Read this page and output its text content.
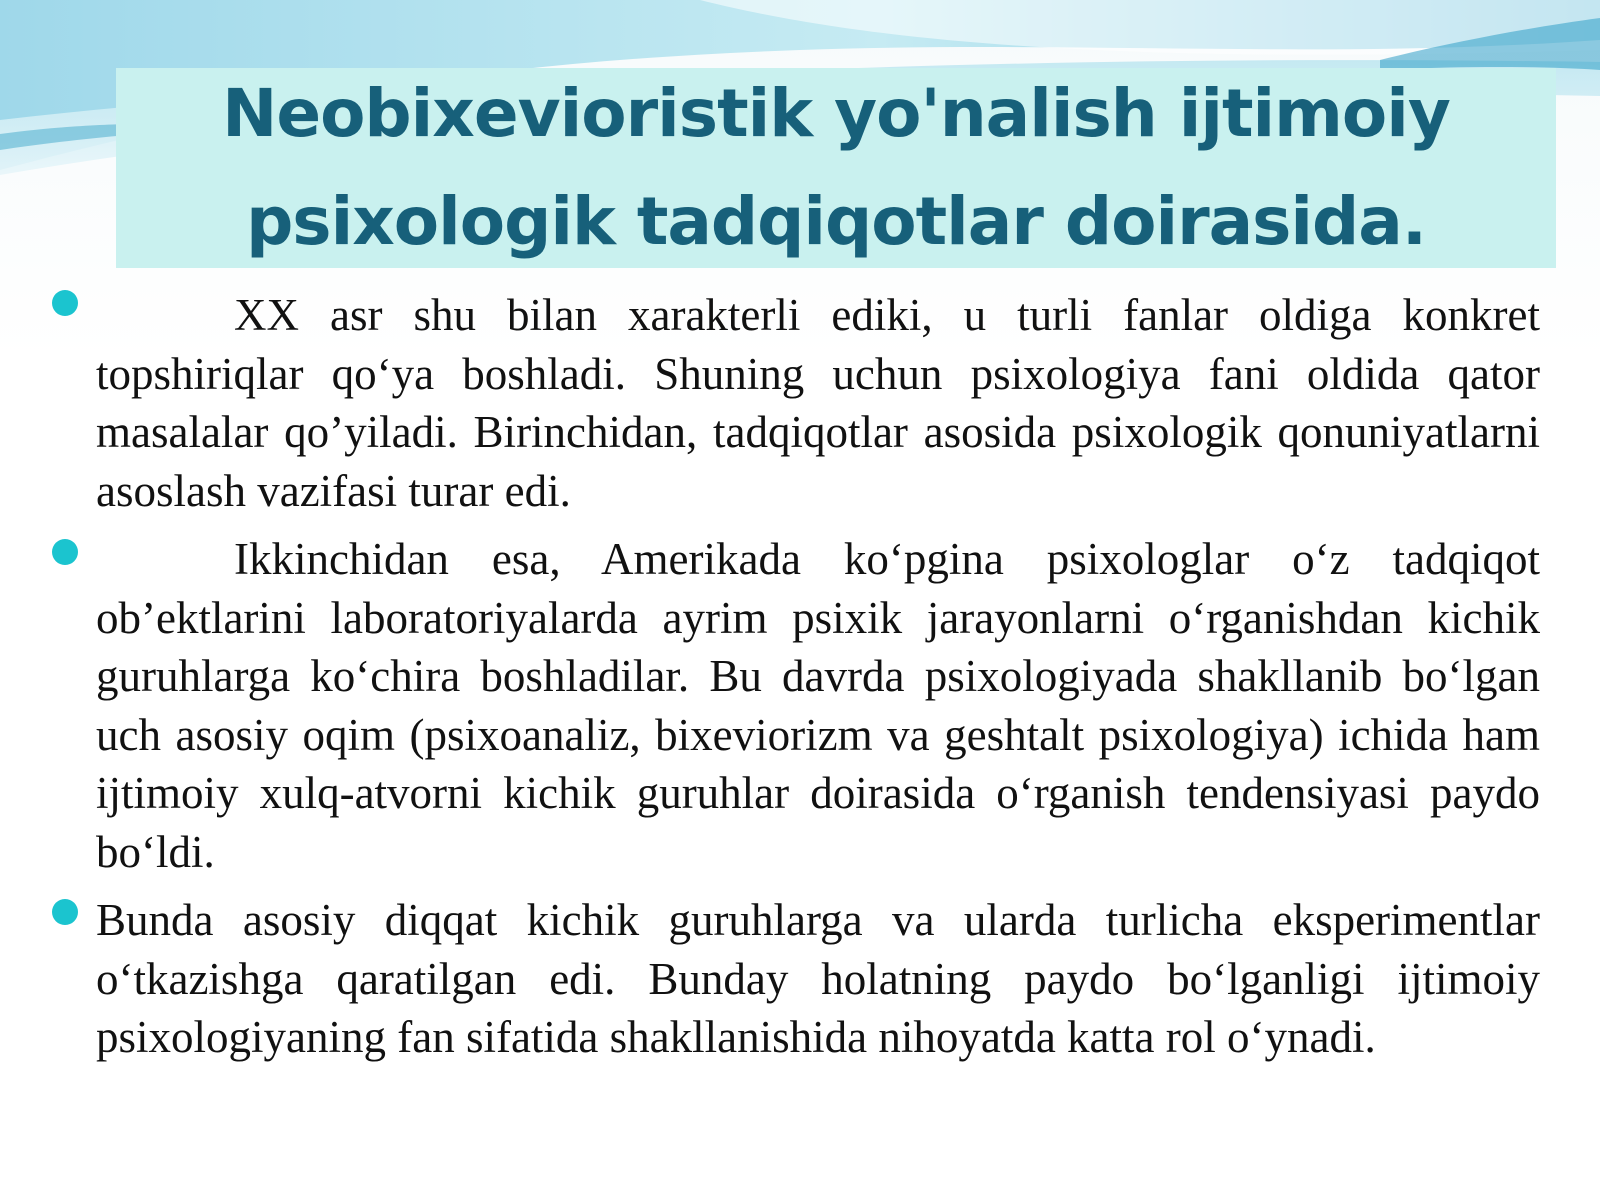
Neobixevioristik yo'nalish ijtimoiy psixologik tadqiqotlar doirasida.

XX asr shu bilan xarakterli ediki, u turli fanlar oldiga konkret topshiriqlar qo‘ya boshladi. Shuning uchun psixologiya fani oldida qator masalalar qo’yiladi. Birinchidan, tadqiqotlar asosida psixologik qonuniyatlarni asoslash vazifasi turar edi.

Ikkinchidan esa, Amerikada ko‘pgina psixologlar o‘z tadqiqot ob’ektlarini laboratoriyalarda ayrim psixik jarayonlarni o‘rganishdan kichik guruhlarga ko‘chira boshladilar. Bu davrda psixologiyada shakllanib bo‘lgan uch asosiy oqim (psixoanaliz, bixeviorizm va geshtalt psixologiya) ichida ham ijtimoiy xulq-atvorni kichik guruhlar doirasida o‘rganish tendensiyasi paydo bo‘ldi.

Bunda asosiy diqqat kichik guruhlarga va ularda turlicha eksperimentlar o‘tkazishga qaratilgan edi. Bunday holatning paydo bo‘lganligi ijtimoiy psixologiyaning fan sifatida shakllanishida nihoyatda katta rol o‘ynadi.
